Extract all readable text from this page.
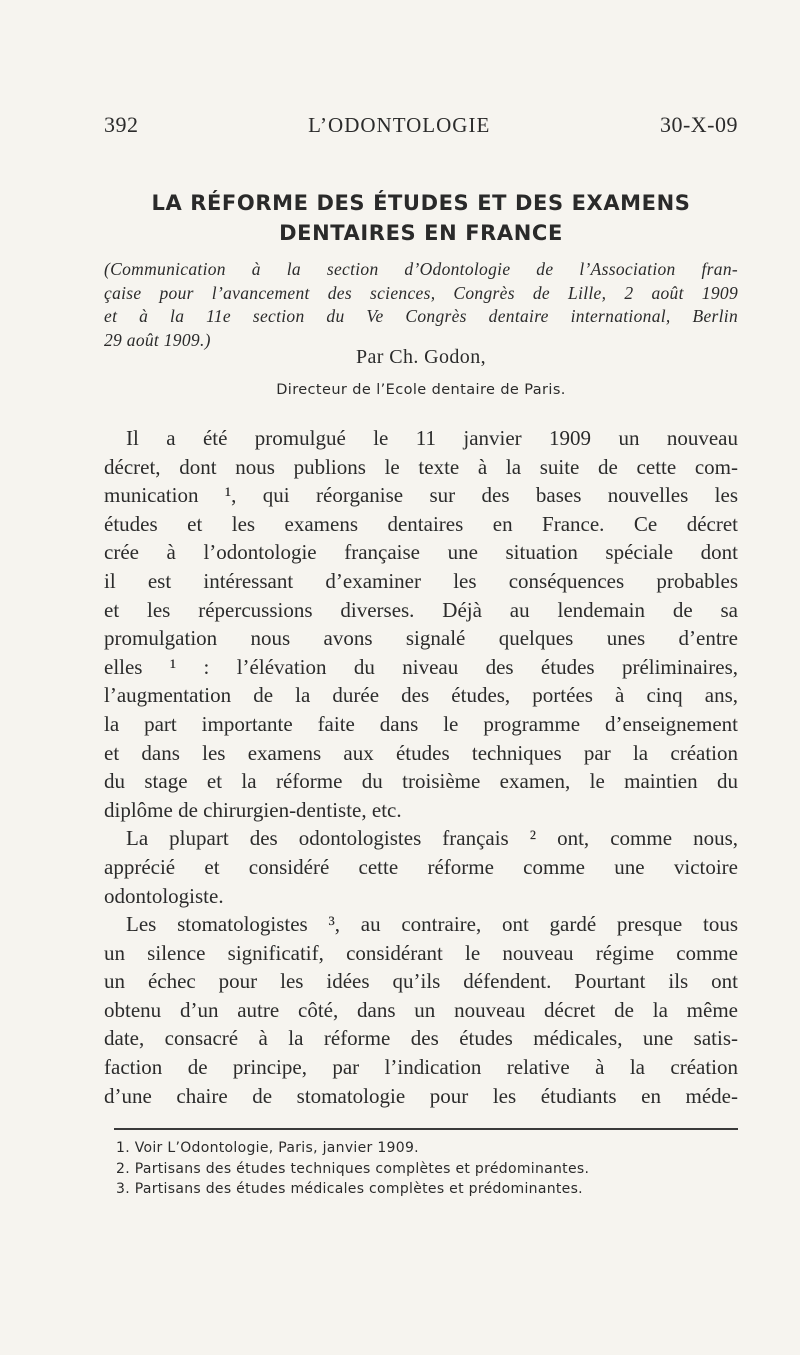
392	L’ODONTOLOGIE	30-X-09
LA RÉFORME DES ÉTUDES ET DES EXAMENS
DENTAIRES EN FRANCE
(Communication à la section d’Odontologie de l’Association fran-
çaise pour l’avancement des sciences, Congrès de Lille, 2 août 1909
et à la 11e section du Ve Congrès dentaire international, Berlin
29 août 1909.)
Par Ch. Godon,
Directeur de l’Ecole dentaire de Paris.
Il a été promulgué le 11 janvier 1909 un nouveau
décret, dont nous publions le texte à la suite de cette com-
munication ¹, qui réorganise sur des bases nouvelles les
études et les examens dentaires en France. Ce décret
crée à l’odontologie française une situation spéciale dont
il est intéressant d’examiner les conséquences probables
et les répercussions diverses. Déjà au lendemain de sa
promulgation nous avons signalé quelques unes d’entre
elles ¹ : l’élévation du niveau des études préliminaires,
l’augmentation de la durée des études, portées à cinq ans,
la part importante faite dans le programme d’enseignement
et dans les examens aux études techniques par la création
du stage et la réforme du troisième examen, le maintien du
diplôme de chirurgien-dentiste, etc.
La plupart des odontologistes français ² ont, comme nous,
apprécié et considéré cette réforme comme une victoire
odontologiste.
Les stomatologistes ³, au contraire, ont gardé presque tous
un silence significatif, considérant le nouveau régime comme
un échec pour les idées qu’ils défendent. Pourtant ils ont
obtenu d’un autre côté, dans un nouveau décret de la même
date, consacré à la réforme des études médicales, une satis-
faction de principe, par l’indication relative à la création
d’une chaire de stomatologie pour les étudiants en méde-
1. Voir L’Odontologie, Paris, janvier 1909.
2. Partisans des études techniques complètes et prédominantes.
3. Partisans des études médicales complètes et prédominantes.
